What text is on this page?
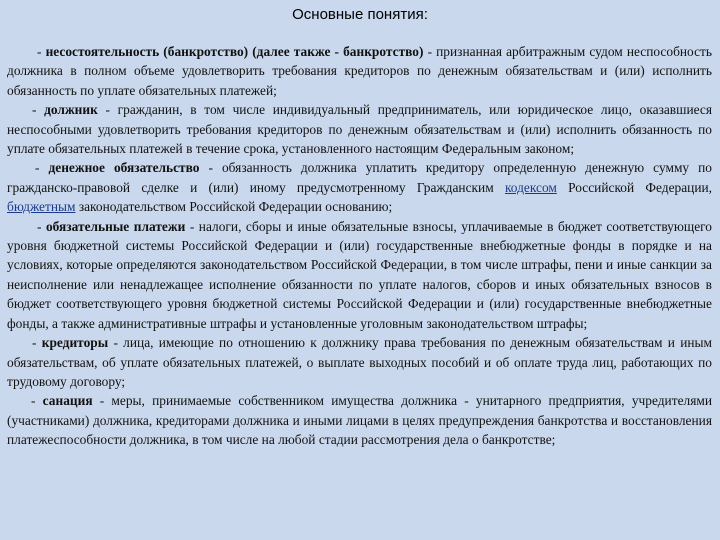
Основные понятия:

- несостоятельность (банкротство) (далее также - банкротство) - признанная арбитражным судом неспособность должника в полном объеме удовлетворить требования кредиторов по денежным обязательствам и (или) исполнить обязанность по уплате обязательных платежей;

- должник - гражданин, в том числе индивидуальный предприниматель, или юридическое лицо, оказавшиеся неспособными удовлетворить требования кредиторов по денежным обязательствам и (или) исполнить обязанность по уплате обязательных платежей в течение срока, установленного настоящим Федеральным законом;

- денежное обязательство - обязанность должника уплатить кредитору определенную денежную сумму по гражданско-правовой сделке и (или) иному предусмотренному Гражданским кодексом Российской Федерации, бюджетным законодательством Российской Федерации основанию;

- обязательные платежи - налоги, сборы и иные обязательные взносы, уплачиваемые в бюджет соответствующего уровня бюджетной системы Российской Федерации и (или) государственные внебюджетные фонды в порядке и на условиях, которые определяются законодательством Российской Федерации, в том числе штрафы, пени и иные санкции за неисполнение или ненадлежащее исполнение обязанности по уплате налогов, сборов и иных обязательных взносов в бюджет соответствующего уровня бюджетной системы Российской Федерации и (или) государственные внебюджетные фонды, а также административные штрафы и установленные уголовным законодательством штрафы;

- кредиторы - лица, имеющие по отношению к должнику права требования по денежным обязательствам и иным обязательствам, об уплате обязательных платежей, о выплате выходных пособий и об оплате труда лиц, работающих по трудовому договору;

- санация - меры, принимаемые собственником имущества должника - унитарного предприятия, учредителями (участниками) должника, кредиторами должника и иными лицами в целях предупреждения банкротства и восстановления платежеспособности должника, в том числе на любой стадии рассмотрения дела о банкротстве;
